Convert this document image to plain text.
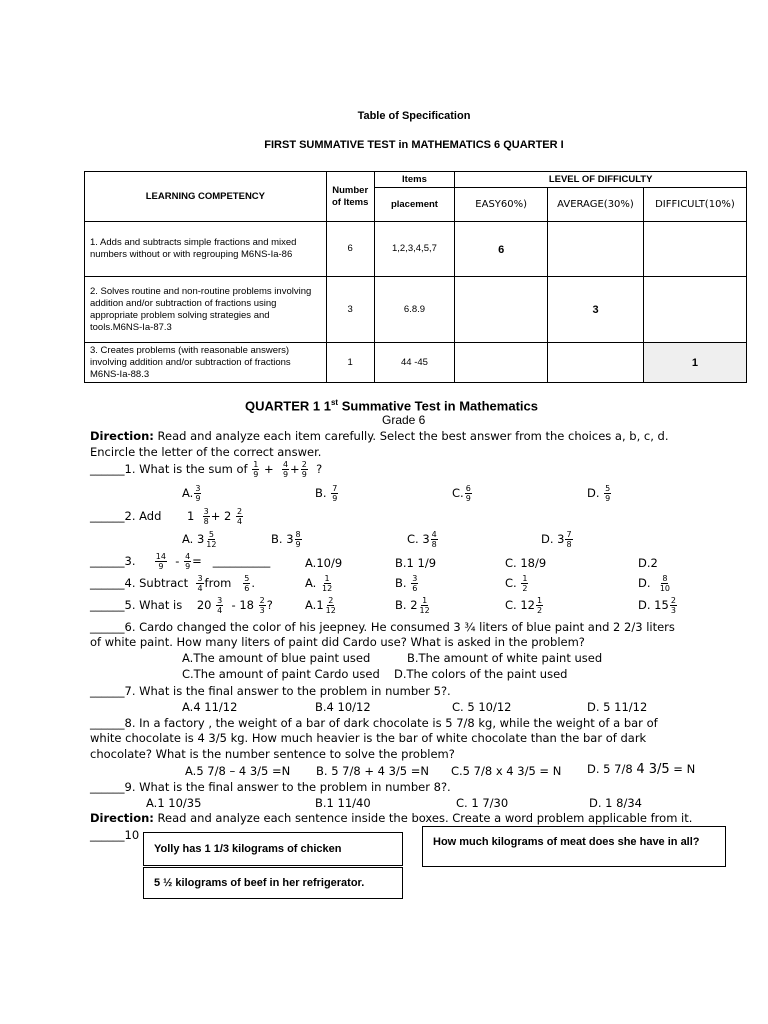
Table of Specification
FIRST SUMMATIVE TEST in MATHEMATICS 6 QUARTER I
LEARNING COMPETENCY	Number of Items	Items	LEVEL OF DIFFICULTY		
		placement	EASY60%)	AVERAGE(30%)	DIFFICULT(10%)
1. Adds and subtracts simple fractions and mixed numbers without or with regrouping M6NS-Ia-86	6	1,2,3,4,5,7	6		
2. Solves routine and non-routine problems involving addition and/or subtraction of fractions using appropriate problem solving strategies and tools.M6NS-Ia-87.3	3	6.8.9		3	
3. Creates problems (with reasonable answers) involving addition and/or subtraction of fractions M6NS-Ia-88.3	1	44 -45			1
QUARTER 1 1st Summative Test in Mathematics
Grade 6
Direction: Read and analyze each item carefully. Select the best answer from the choices a, b, c, d.
Encircle the letter of the correct answer.
______1. What is the sum of $\frac{1}{9} + \frac{4}{9} + \frac{2}{9}$ ?
A. $\frac{3}{9}$	B. $\frac{7}{9}$	C. $\frac{6}{9}$	D. $\frac{5}{9}$
______2. Add $1 \frac{3}{8} + 2 \frac{2}{4}$
A. $3 \frac{5}{12}$	B. $3 \frac{8}{9}$	C. $3 \frac{4}{8}$	D. $3 \frac{7}{8}$
______3. $\frac{14}{9} - \frac{4}{9}$ = __________	A.10/9	B.1 1/9	C. 18/9	D.2
______4. Subtract $\frac{3}{4}$ from $\frac{5}{6}$ .	A. $\frac{1}{12}$	B. $\frac{3}{6}$	C. $\frac{1}{2}$	D. $\frac{8}{10}$
______5. What is $20 \frac{3}{4} - 18 \frac{2}{3}$ ?	$A.1 \frac{2}{12}$	B. $2 \frac{1}{12}$	C. $12 \frac{1}{2}$	D. $15 \frac{2}{3}$
______6. Cardo changed the color of his jeepney. He consumed 3 ¾ liters of blue paint and 2 2/3 liters
of white paint. How many liters of paint did Cardo use? What is asked in the problem?
A.The amount of blue paint used	B.The amount of white paint used
C.The amount of paint Cardo used D.The colors of the paint used
______7. What is the final answer to the problem in number 5?.
A.4 11/12	B.4 10/12	C. 5 10/12	D. 5 11/12
______8. In a factory , the weight of a bar of dark chocolate is 5 7/8 kg, while the weight of a bar of
white chocolate is 4 3/5 kg. How much heavier is the bar of white chocolate than the bar of dark
chocolate? What is the number sentence to solve the problem?
A.5 7/8 – 4 3/5 =N B. 5 7/8 + 4 3/5 =N C.5 7/8 x 4 3/5 = N D. 5 7/8 4 3/5 = N
______9. What is the final answer to the problem in number 8?.
A.1 10/35	B.1 11/40	C. 1 7/30	D. 1 8/34
Direction: Read and analyze each sentence inside the boxes. Create a word problem applicable from it.
______10
Yolly has 1 1/3 kilograms of chicken
How much kilograms of meat does she have in all?
5 ½ kilograms of beef in her refrigerator.
